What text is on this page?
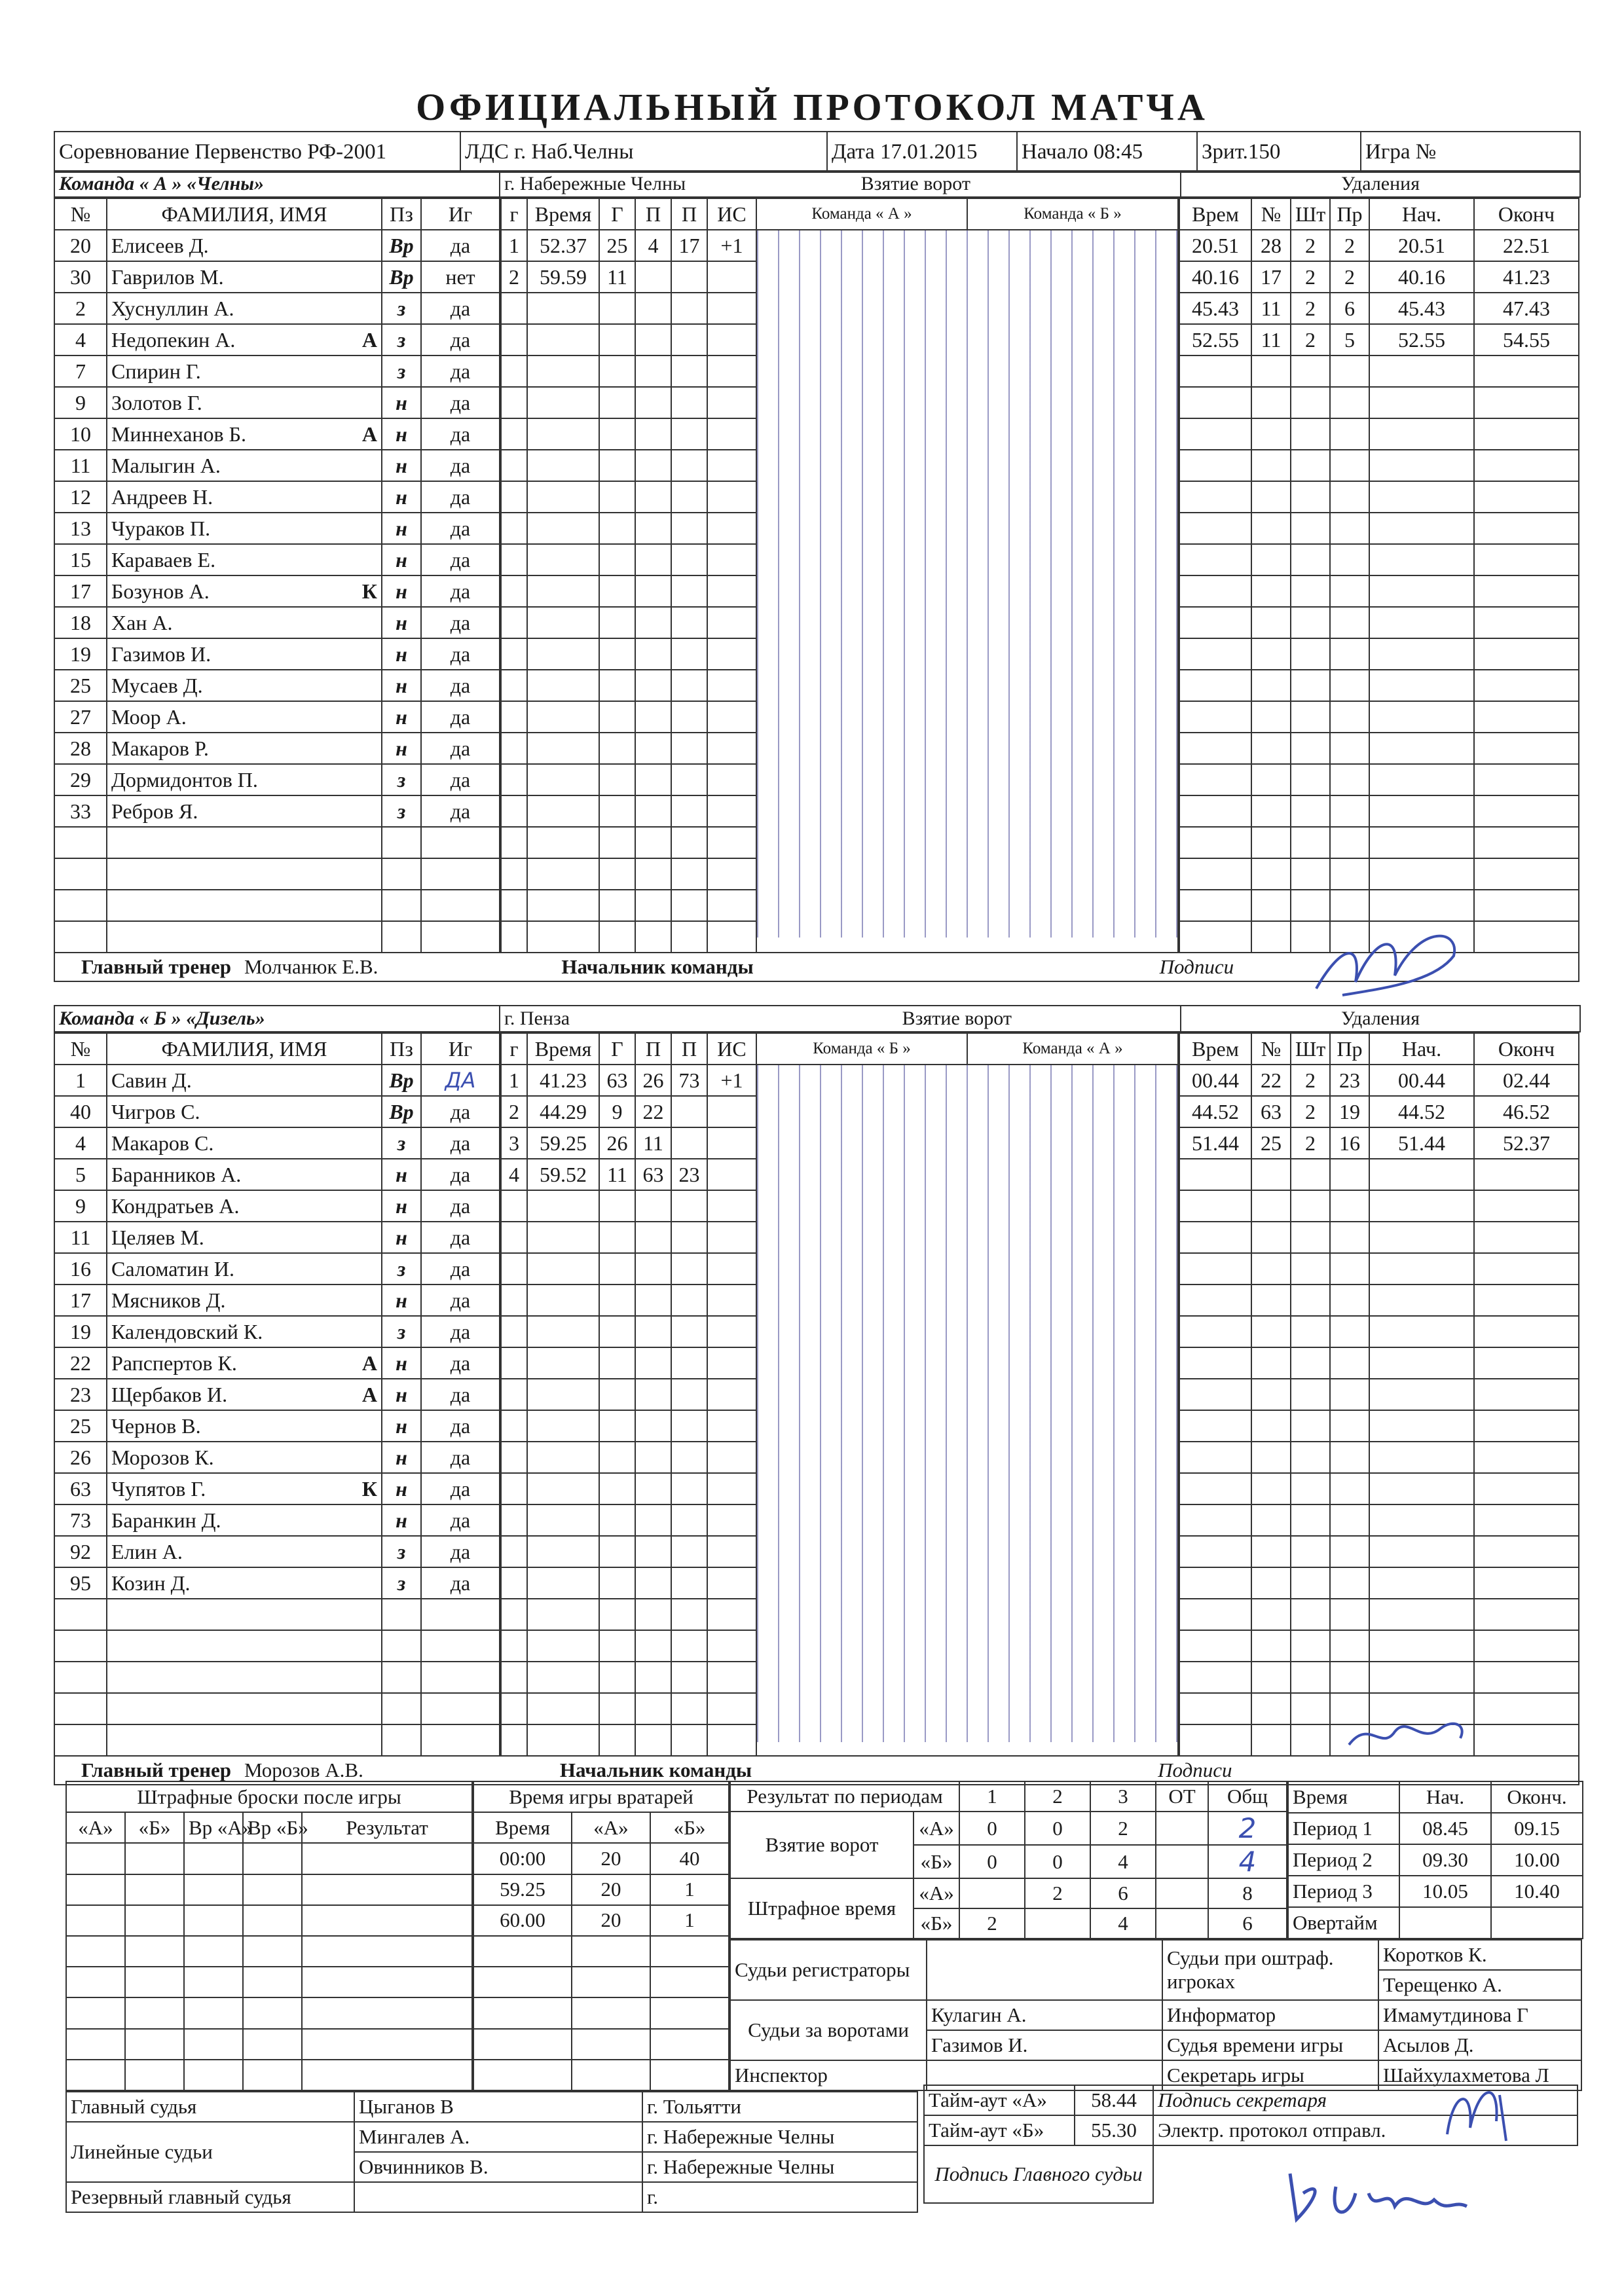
ОФИЦИАЛЬНЫЙ ПРОТОКОЛ МАТЧА
Соревнование Первенство РФ-2001	ЛДС г. Наб.Челны	Дата 17.01.2015	Начало 08:45	Зрит.150	Игра №
Команда « А » «Челны»	г. Набережные Челны	Взятие ворот	Удаления
№	ФАМИЛИЯ, ИМЯ	Пз	Иг
20	Елисеев Д.	Вр	да
30	Гаврилов М.	Вр	нет
2	Хуснуллин А.	з	да
4	Недопекин А. А	з	да
7	Спирин Г.	з	да
9	Золотов Г.	н	да
10	Миннеханов Б. А	н	да
11	Малыгин А.	н	да
12	Андреев Н.	н	да
13	Чураков П.	н	да
15	Караваев Е.	н	да
17	Бозунов А. К	н	да
18	Хан А.	н	да
19	Газимов И.	н	да
25	Мусаев Д.	н	да
27	Моор А.	н	да
28	Макаров Р.	н	да
29	Дормидонтов П.	з	да
33	Ребров Я.	з	да

г	Время	Г	П	П	ИС
1	52.37	25	4	17	+1
2	59.59	11			

Команда « А »	Команда « Б »	Врем	№	Шт	Пр	Нач.	Оконч
20.51	28	2	2	20.51	22.51
40.16	17	2	2	40.16	41.23
45.43	11	2	6	45.43	47.43
52.55	11	2	5	52.55	54.55

Главный тренер Молчанюк Е.В.	Начальник команды	Подписи
Команда « Б » «Дизель»	г. Пенза	Взятие ворот	Удаления
№	ФАМИЛИЯ, ИМЯ	Пз	Иг
1	Савин Д.	Вр	ДА
40	Чигров С.	Вр	да
4	Макаров С.	з	да
5	Баранников А.	н	да
9	Кондратьев А.	н	да
11	Целяев М.	н	да
16	Саломатин И.	з	да
17	Мясников Д.	н	да
19	Календовский К.	з	да
22	Рапспертов К. А	н	да
23	Щербаков И. А	н	да
25	Чернов В.	н	да
26	Морозов К.	н	да
63	Чупятов Г. К	н	да
73	Баранкин Д.	н	да
92	Елин А.	з	да
95	Козин Д.	з	да

г	Время	Г	П	П	ИС
1	41.23	63	26	73	+1
2	44.29	9	22		
3	59.25	26	11		
4	59.52	11	63	23	

Команда « Б »	Команда « А »	Врем	№	Шт	Пр	Нач.	Оконч
00.44	22	2	23	00.44	02.44
44.52	63	2	19	44.52	46.52
51.44	25	2	16	51.44	52.37

Главный тренер Морозов А.В.	Начальник команды	Подписи
Штрафные броски после игры				
«А»	«Б»	Вр «А»	Вр «Б»	Результат

Время игры вратарей		
Время	«А»	«Б»
00:00	20	40
59.25	20	1
60.00	20	1

Результат по периодам		1	2	3	ОТ	Общ
Взятие ворот	«А»	0	0	2		2
	«Б»	0	0	4		4
Штрафное время	«А»		2	6		8
	«Б»	2		4		6
Время	Нач.	Оконч.
Период 1	08.45	09.15
Период 2	09.30	10.00
Период 3	10.05	10.40
Овертайм		
Судьи регистраторы		Судьи при оштраф. игроках	Коротков К.
			Терещенко А.
Судьи за воротами	Кулагин А.	Информатор	Имамутдинова Г
	Газимов И.	Судья времени игры	Асылов Д.
Инспектор		Секретарь игры	Шайхулахметова Л
Главный судья	Цыганов В	г. Тольятти
Линейные судьи	Мингалев А.	г. Набережные Челны
	Овчинников В.	г. Набережные Челны
Резервный главный судья		г.
Тайм-аут «А»	58.44
Тайм-аут «Б»	55.30
Подпись Главного судьи	
Подпись секретаря
Электр. протокол отправл.
